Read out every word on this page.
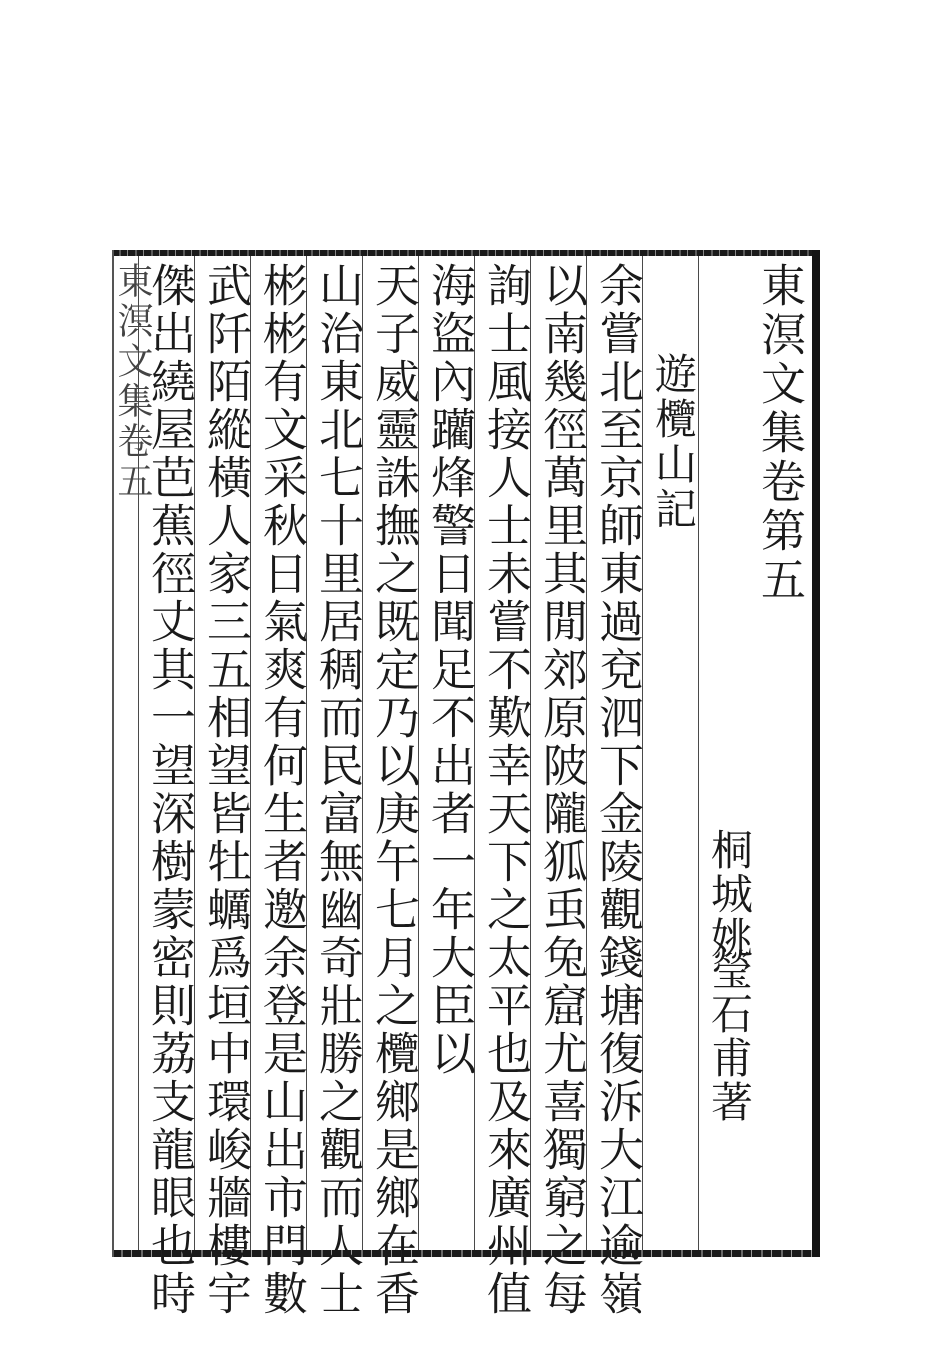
東溟文集卷第五
桐城姚
瑩石甫著
遊欖山記
余嘗北至京師東過兗泗下金陵觀錢塘復泝大江逾嶺
以南幾徑萬里其閒郊原陂隴狐䖝兔窟尤喜獨窮之每
詢士風接人士未嘗不歎幸天下之太平也及來廣州值
海盜內躪烽警日聞足不出者一年大臣以
天子威靈誅撫之既定乃以庚午七月之欖鄉是鄉在香
山治東北七十里居稠而民富無幽奇壯勝之觀而人士
彬彬有文采秋日氣爽有何生者邀余登是山出市門數
武阡陌縱橫人家三五相望皆牡蠣爲垣中環峻牆樓宇
傑出繞屋芭蕉徑丈其一望深樹蒙密則荔支龍眼也時
東溟文集卷五
